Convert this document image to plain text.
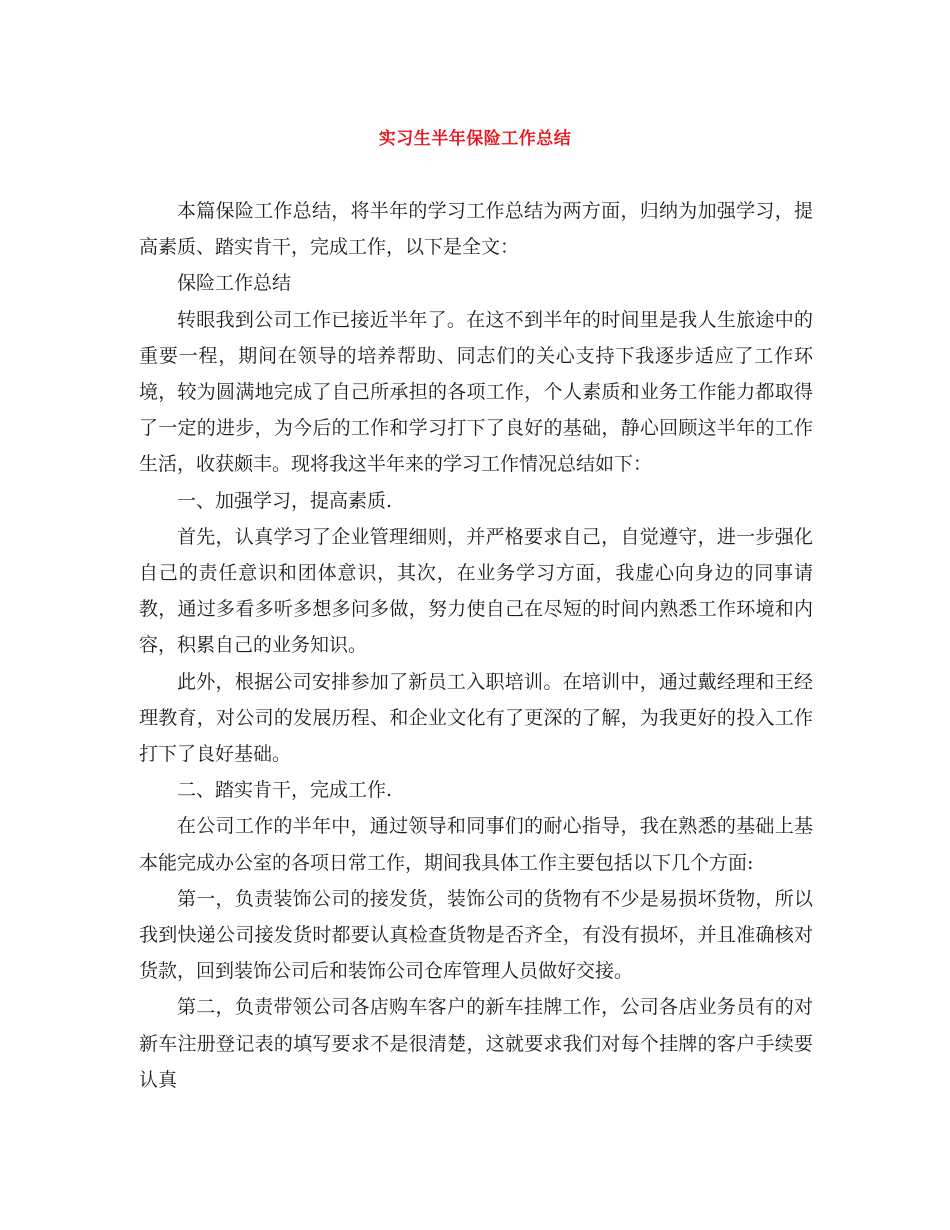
实习生半年保险工作总结

本篇保险工作总结，将半年的学习工作总结为两方面，归纳为加强学习，提高素质、踏实肯干，完成工作，以下是全文：

保险工作总结

转眼我到公司工作已接近半年了。在这不到半年的时间里是我人生旅途中的重要一程，期间在领导的培养帮助、同志们的关心支持下我逐步适应了工作环境，较为圆满地完成了自己所承担的各项工作，个人素质和业务工作能力都取得了一定的进步，为今后的工作和学习打下了良好的基础，静心回顾这半年的工作生活，收获颇丰。现将我这半年来的学习工作情况总结如下：

一、加强学习，提高素质.

首先，认真学习了企业管理细则，并严格要求自己，自觉遵守，进一步强化自己的责任意识和团体意识，其次，在业务学习方面，我虚心向身边的同事请教，通过多看多听多想多问多做，努力使自己在尽短的时间内熟悉工作环境和内容，积累自己的业务知识。

此外，根据公司安排参加了新员工入职培训。在培训中，通过戴经理和王经理教育，对公司的发展历程、和企业文化有了更深的了解，为我更好的投入工作打下了良好基础。

二、踏实肯干，完成工作.

在公司工作的半年中，通过领导和同事们的耐心指导，我在熟悉的基础上基本能完成办公室的各项日常工作，期间我具体工作主要包括以下几个方面:

第一，负责装饰公司的接发货，装饰公司的货物有不少是易损坏货物，所以我到快递公司接发货时都要认真检查货物是否齐全，有没有损坏，并且准确核对货款，回到装饰公司后和装饰公司仓库管理人员做好交接。

第二，负责带领公司各店购车客户的新车挂牌工作，公司各店业务员有的对新车注册登记表的填写要求不是很清楚，这就要求我们对每个挂牌的客户手续要认真
